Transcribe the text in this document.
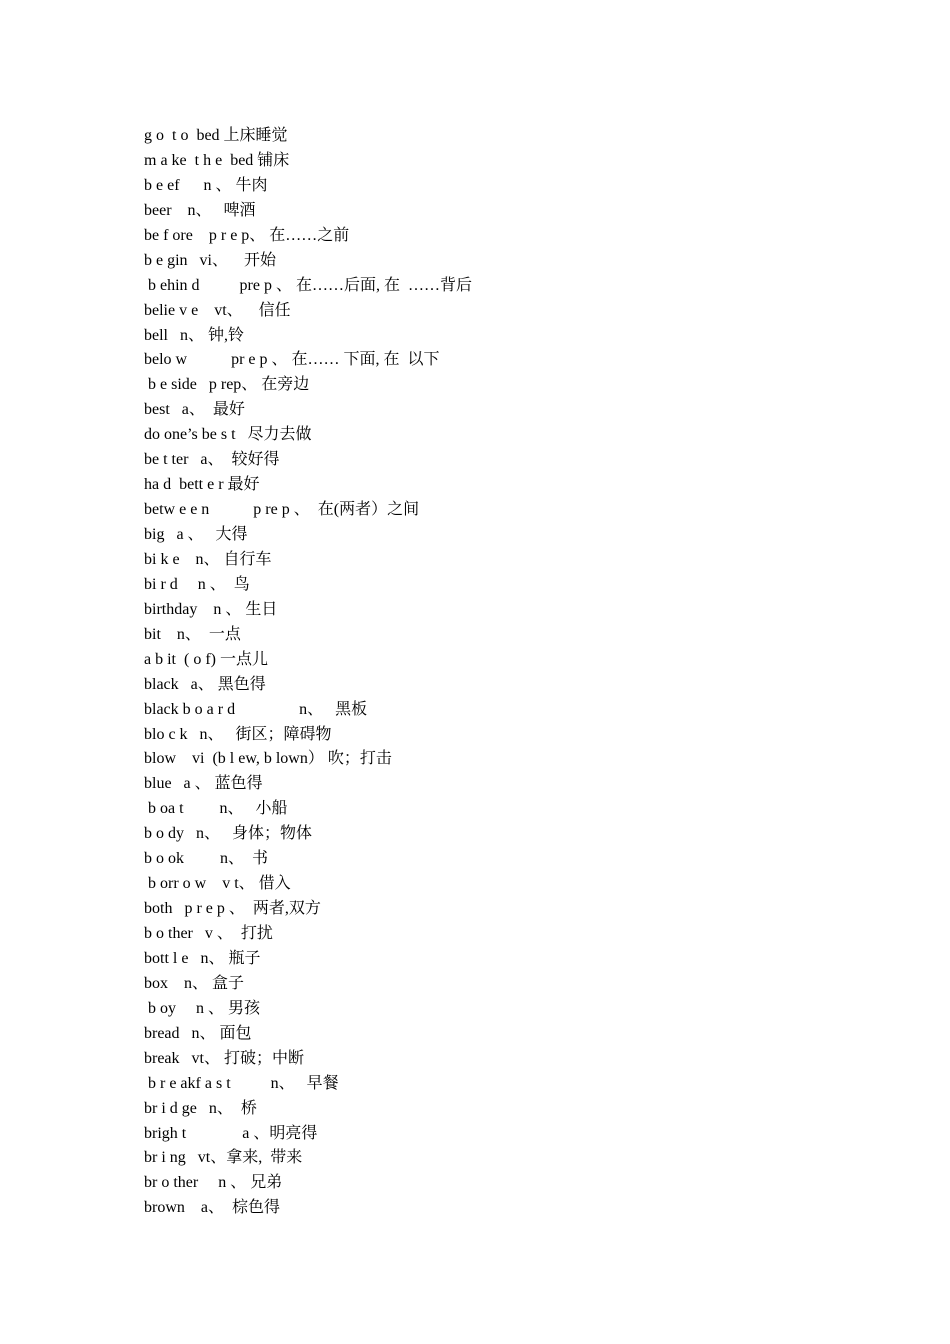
g o  t o  bed 上床睡觉
m a ke  t h e  bed 铺床
b e ef      n 、 牛肉
beer    n、   啤酒
be f ore    p r e p、 在……之前
b e gin   vi、    开始
b ehin d          pre p 、 在……后面, 在  ……背后
belie v e    vt、    信任
bell   n、 钟,铃
belo w           pr e p 、 在…… 下面, 在  以下
b e side   p rep、 在旁边
best   a、  最好
do one’s be s t   尽力去做
be t ter   a、  较好得
ha d  bett e r 最好
betw e e n           p re p 、  在(两者）之间
big   a 、   大得
bi k e    n、 自行车
bi r d     n 、  鸟
birthday    n 、 生日
bit    n、  一点
a b it  ( o f) 一点儿
black   a、 黑色得
black b o a r d                n、   黑板
blo c k   n、   街区；障碍物
blow    vi  (b l ew, b lown） 吹；打击
blue   a 、 蓝色得
b oa t         n、   小船
b o dy   n、   身体；物体
b o ok         n、  书
b orr o w    v t、 借入
both   p r e p 、  两者,双方
b o ther   v 、  打扰
bott l e   n、 瓶子
box    n、 盒子
b oy     n 、 男孩
bread   n、 面包
break   vt、 打破；中断
b r e akf a s t          n、   早餐
br i d ge   n、  桥
brigh t              a 、明亮得
br i ng   vt、拿来,  带来
br o ther     n 、 兄弟
brown    a、  棕色得
